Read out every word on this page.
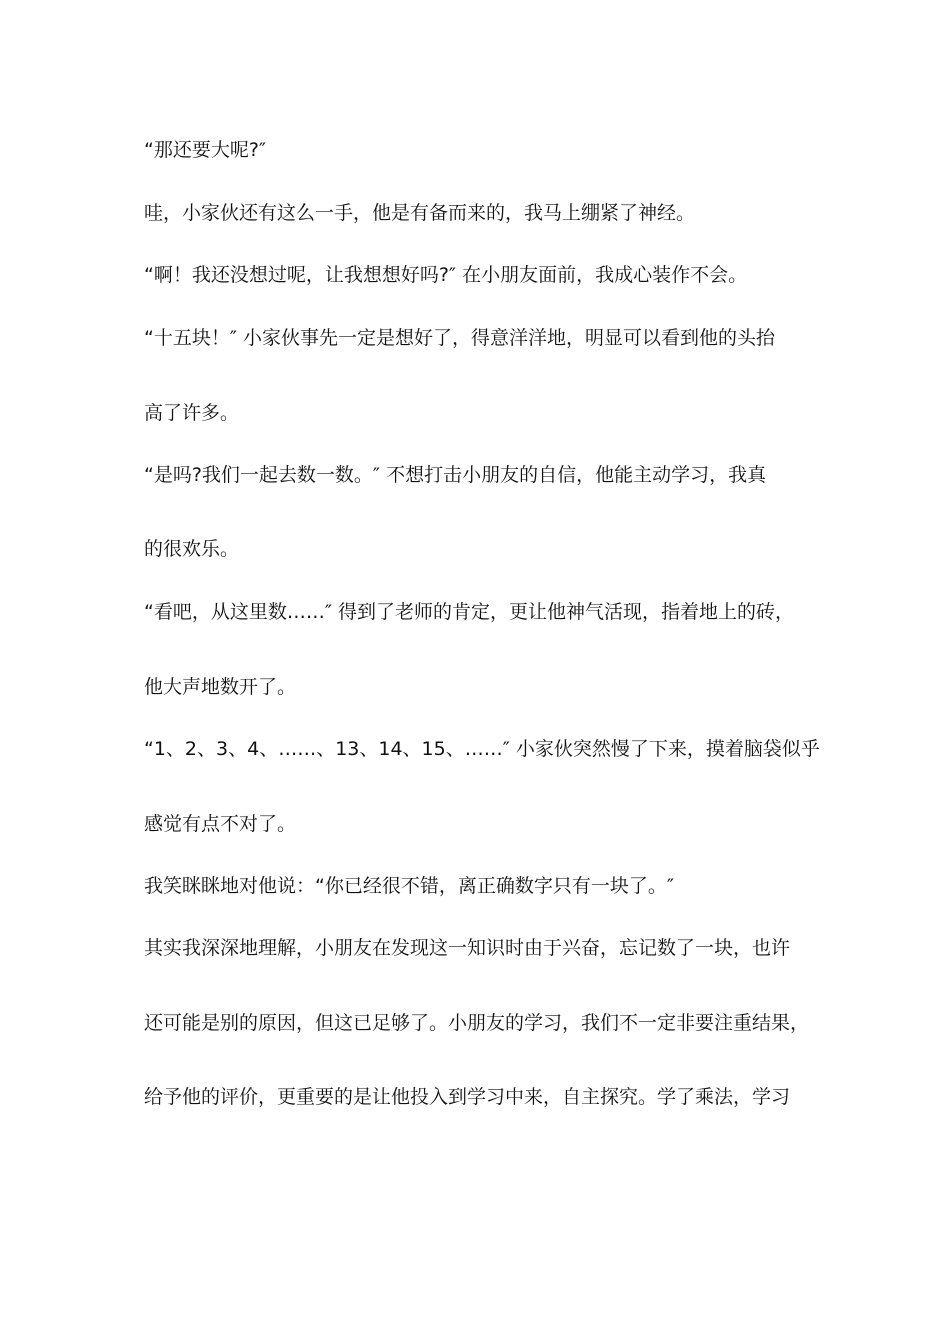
“那还要大呢?″
哇，小家伙还有这么一手，他是有备而来的，我马上绷紧了神经。
“啊！我还没想过呢，让我想想好吗?″ 在小朋友面前，我成心装作不会。
“十五块！″ 小家伙事先一定是想好了，得意洋洋地，明显可以看到他的头抬
高了许多。
“是吗?我们一起去数一数。″ 不想打击小朋友的自信，他能主动学习，我真
的很欢乐。
“看吧，从这里数……″ 得到了老师的肯定，更让他神气活现，指着地上的砖，
他大声地数开了。
“1、2、3、4、……、13、14、15、……″ 小家伙突然慢了下来，摸着脑袋似乎
感觉有点不对了。
我笑眯眯地对他说：“你已经很不错，离正确数字只有一块了。″
其实我深深地理解，小朋友在发现这一知识时由于兴奋，忘记数了一块，也许
还可能是别的原因，但这已足够了。小朋友的学习，我们不一定非要注重结果，
给予他的评价，更重要的是让他投入到学习中来，自主探究。学了乘法，学习
